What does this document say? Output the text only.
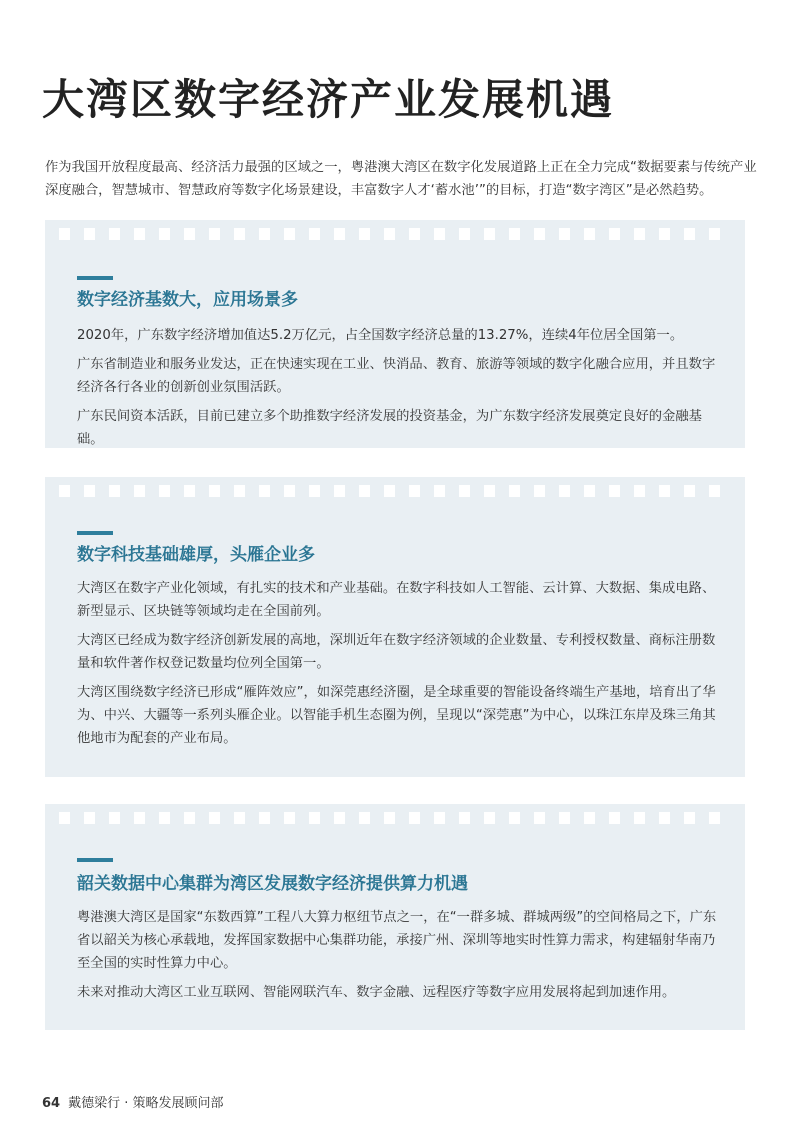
大湾区数字经济产业发展机遇

作为我国开放程度最高、经济活力最强的区域之一，粤港澳大湾区在数字化发展道路上正在全力完成“数据要素与传统产业深度融合，智慧城市、智慧政府等数字化场景建设，丰富数字人才‘蓄水池’”的目标，打造“数字湾区”是必然趋势。

数字经济基数大，应用场景多

2020年，广东数字经济增加值达5.2万亿元，占全国数字经济总量的13.27%，连续4年位居全国第一。

广东省制造业和服务业发达，正在快速实现在工业、快消品、教育、旅游等领域的数字化融合应用，并且数字经济各行各业的创新创业氛围活跃。

广东民间资本活跃，目前已建立多个助推数字经济发展的投资基金，为广东数字经济发展奠定良好的金融基础。

数字科技基础雄厚，头雁企业多

大湾区在数字产业化领域，有扎实的技术和产业基础。在数字科技如人工智能、云计算、大数据、集成电路、新型显示、区块链等领域均走在全国前列。

大湾区已经成为数字经济创新发展的高地，深圳近年在数字经济领域的企业数量、专利授权数量、商标注册数量和软件著作权登记数量均位列全国第一。

大湾区围绕数字经济已形成“雁阵效应”，如深莞惠经济圈，是全球重要的智能设备终端生产基地，培育出了华为、中兴、大疆等一系列头雁企业。以智能手机生态圈为例，呈现以“深莞惠”为中心，以珠江东岸及珠三角其他地市为配套的产业布局。

韶关数据中心集群为湾区发展数字经济提供算力机遇

粤港澳大湾区是国家“东数西算”工程八大算力枢纽节点之一，在“一群多城、群城两级”的空间格局之下，广东省以韶关为核心承载地，发挥国家数据中心集群功能，承接广州、深圳等地实时性算力需求，构建辐射华南乃至全国的实时性算力中心。

未来对推动大湾区工业互联网、智能网联汽车、数字金融、远程医疗等数字应用发展将起到加速作用。

64 戴德梁行 · 策略发展顾问部
